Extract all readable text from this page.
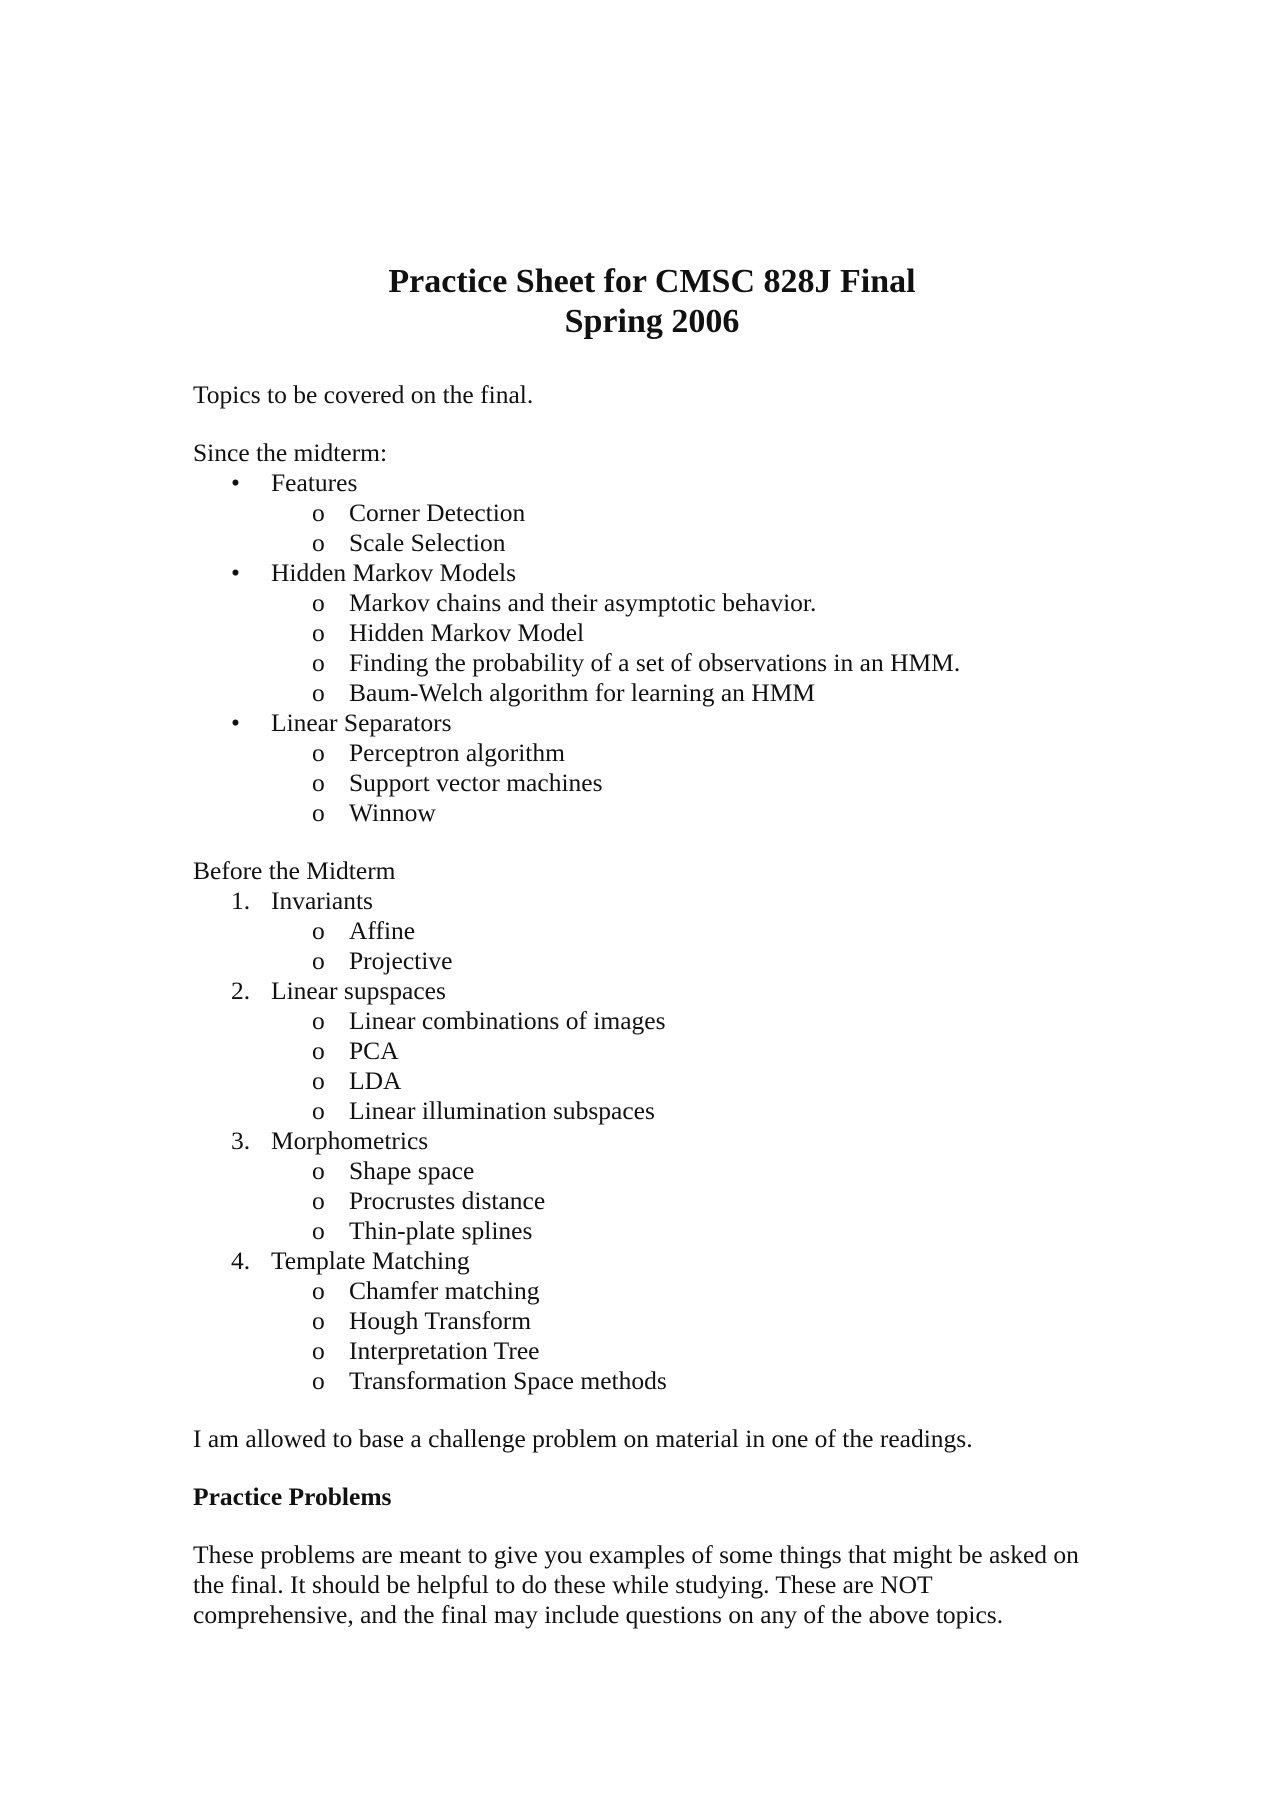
Practice Sheet for CMSC 828J Final
Spring 2006

Topics to be covered on the final.

Since the midterm:

• Features
o Corner Detection
o Scale Selection
• Hidden Markov Models
o Markov chains and their asymptotic behavior.
o Hidden Markov Model
o Finding the probability of a set of observations in an HMM.
o Baum-Welch algorithm for learning an HMM
• Linear Separators
o Perceptron algorithm
o Support vector machines
o Winnow

Before the Midterm

1. Invariants
o Affine
o Projective
2. Linear supspaces
o Linear combinations of images
o PCA
o LDA
o Linear illumination subspaces
3. Morphometrics
o Shape space
o Procrustes distance
o Thin-plate splines
4. Template Matching
o Chamfer matching
o Hough Transform
o Interpretation Tree
o Transformation Space methods

I am allowed to base a challenge problem on material in one of the readings.

Practice Problems

These problems are meant to give you examples of some things that might be asked on

the final. It should be helpful to do these while studying. These are NOT

comprehensive, and the final may include questions on any of the above topics.
